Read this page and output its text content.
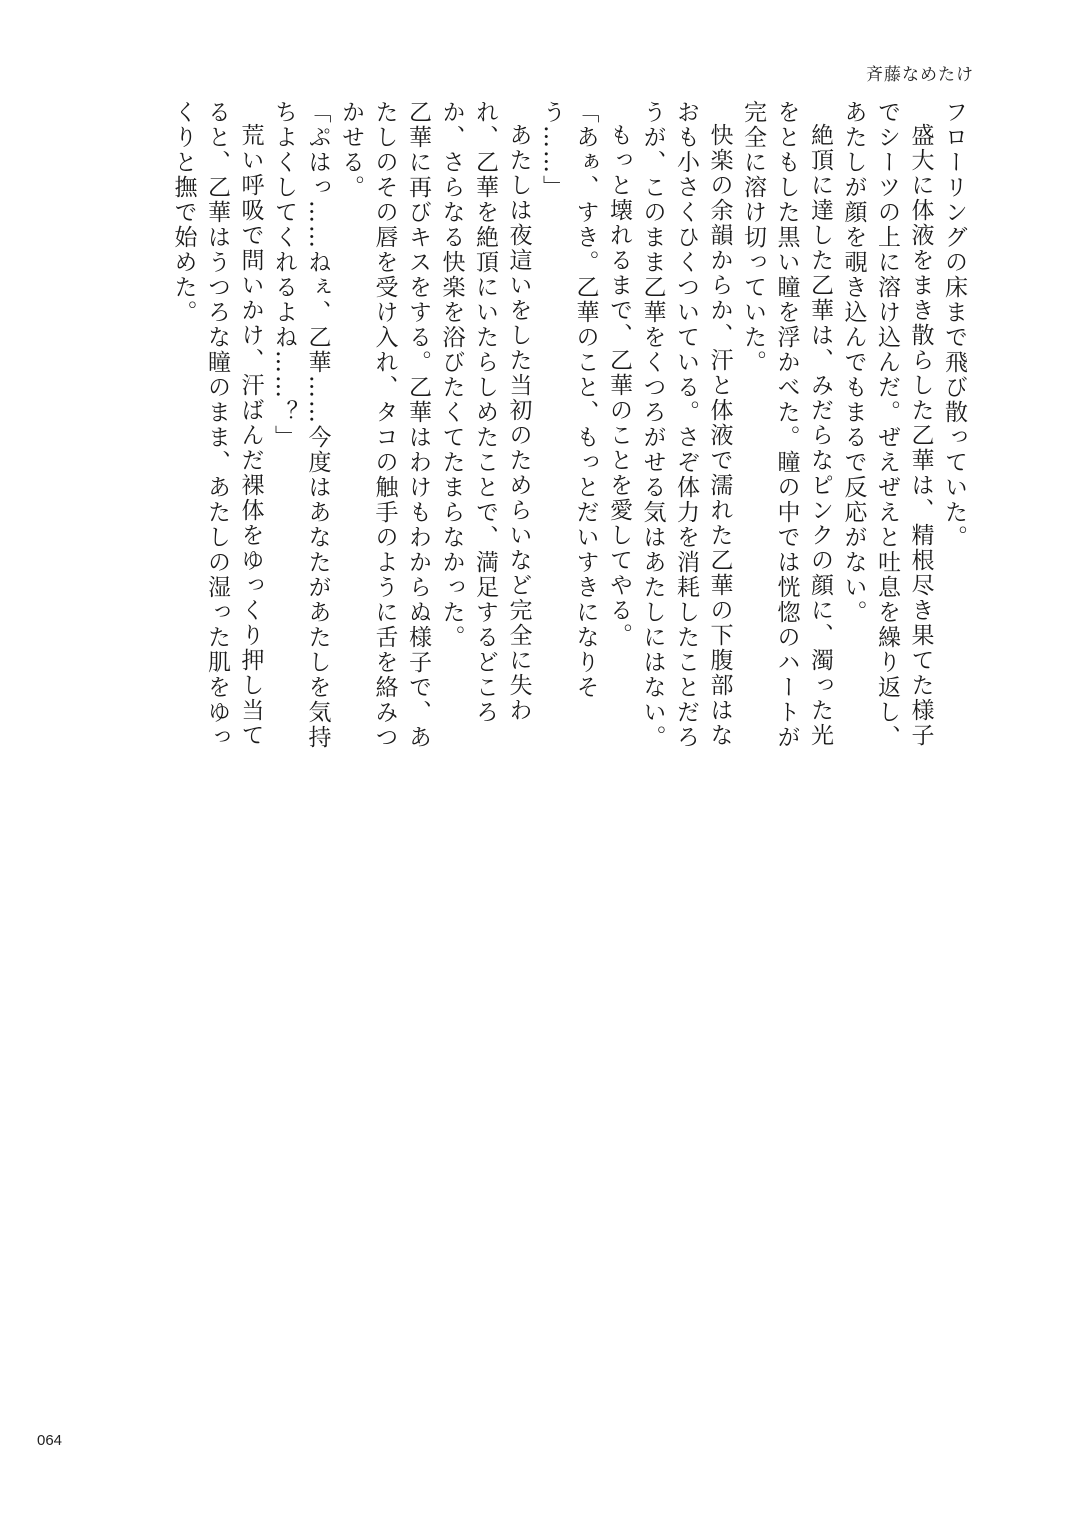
斉藤なめたけ

フローリングの床まで飛び散っていた。

盛大に体液をまき散らした乙華は、精根尽き果てた様子でシーツの上に溶け込んだ。ぜえぜえと吐息を繰り返し、あたしが顔を覗き込んでもまるで反応がない。

絶頂に達した乙華は、みだらなピンクの顔に、濁った光をともした黒い瞳を浮かべた。瞳の中では恍惚のハートが完全に溶け切っていた。

快楽の余韻からか、汗と体液で濡れた乙華の下腹部はなおも小さくひくついている。さぞ体力を消耗したことだろうが、このまま乙華をくつろがせる気はあたしにはない。

もっと壊れるまで、乙華のことを愛してやる。

「あぁ、すき。乙華のこと、もっとだいすきになりそう……」

あたしは夜這いをした当初のためらいなど完全に失われ、乙華を絶頂にいたらしめたことで、満足するどころか、さらなる快楽を浴びたくてたまらなかった。

乙華に再びキスをする。乙華はわけもわからぬ様子で、あたしのその唇を受け入れ、タコの触手のように舌を絡みつかせる。

「ぷはっ……ねぇ、乙華……今度はあなたがあたしを気持ちよくしてくれるよね……？」

荒い呼吸で問いかけ、汗ばんだ裸体をゆっくり押し当てると、乙華はうつろな瞳のまま、あたしの湿った肌をゆっくりと撫で始めた。

064
